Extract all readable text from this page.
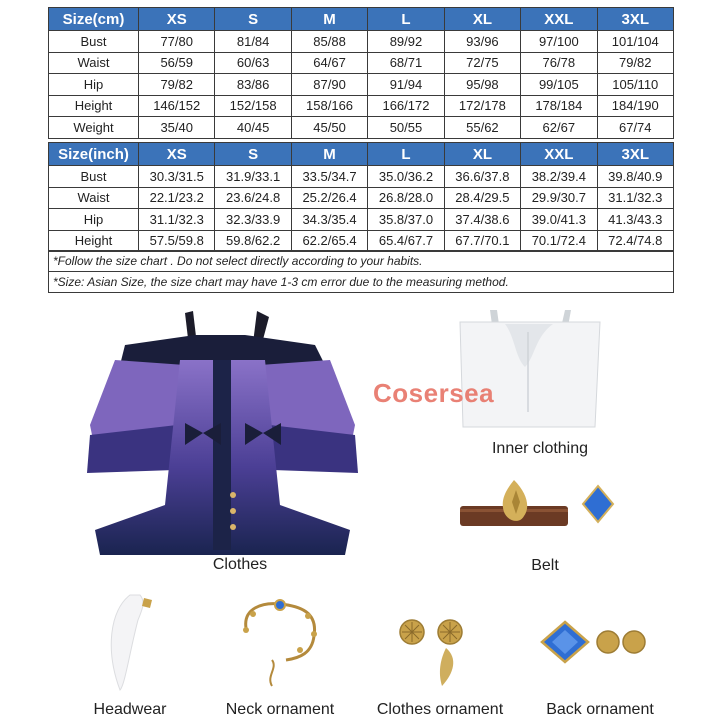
Size(cm)	XS	S	M	L	XL	XXL	3XL
Bust	77/80	81/84	85/88	89/92	93/96	97/100	101/104
Waist	56/59	60/63	64/67	68/71	72/75	76/78	79/82
Hip	79/82	83/86	87/90	91/94	95/98	99/105	105/110
Height	146/152	152/158	158/166	166/172	172/178	178/184	184/190
Weight	35/40	40/45	45/50	50/55	55/62	62/67	67/74
Size(inch)	XS	S	M	L	XL	XXL	3XL
Bust	30.3/31.5	31.9/33.1	33.5/34.7	35.0/36.2	36.6/37.8	38.2/39.4	39.8/40.9
Waist	22.1/23.2	23.6/24.8	25.2/26.4	26.8/28.0	28.4/29.5	29.9/30.7	31.1/32.3
Hip	31.1/32.3	32.3/33.9	34.3/35.4	35.8/37.0	37.4/38.6	39.0/41.3	41.3/43.3
Height	57.5/59.8	59.8/62.2	62.2/65.4	65.4/67.7	67.7/70.1	70.1/72.4	72.4/74.8
*Follow the size chart . Do not select directly according to your habits.
*Size: Asian Size, the size chart may have 1-3 cm error due to the measuring method.
Cosersea
Clothes
Inner clothing
Belt
Headwear	Neck ornament	Clothes ornament	Back ornament
